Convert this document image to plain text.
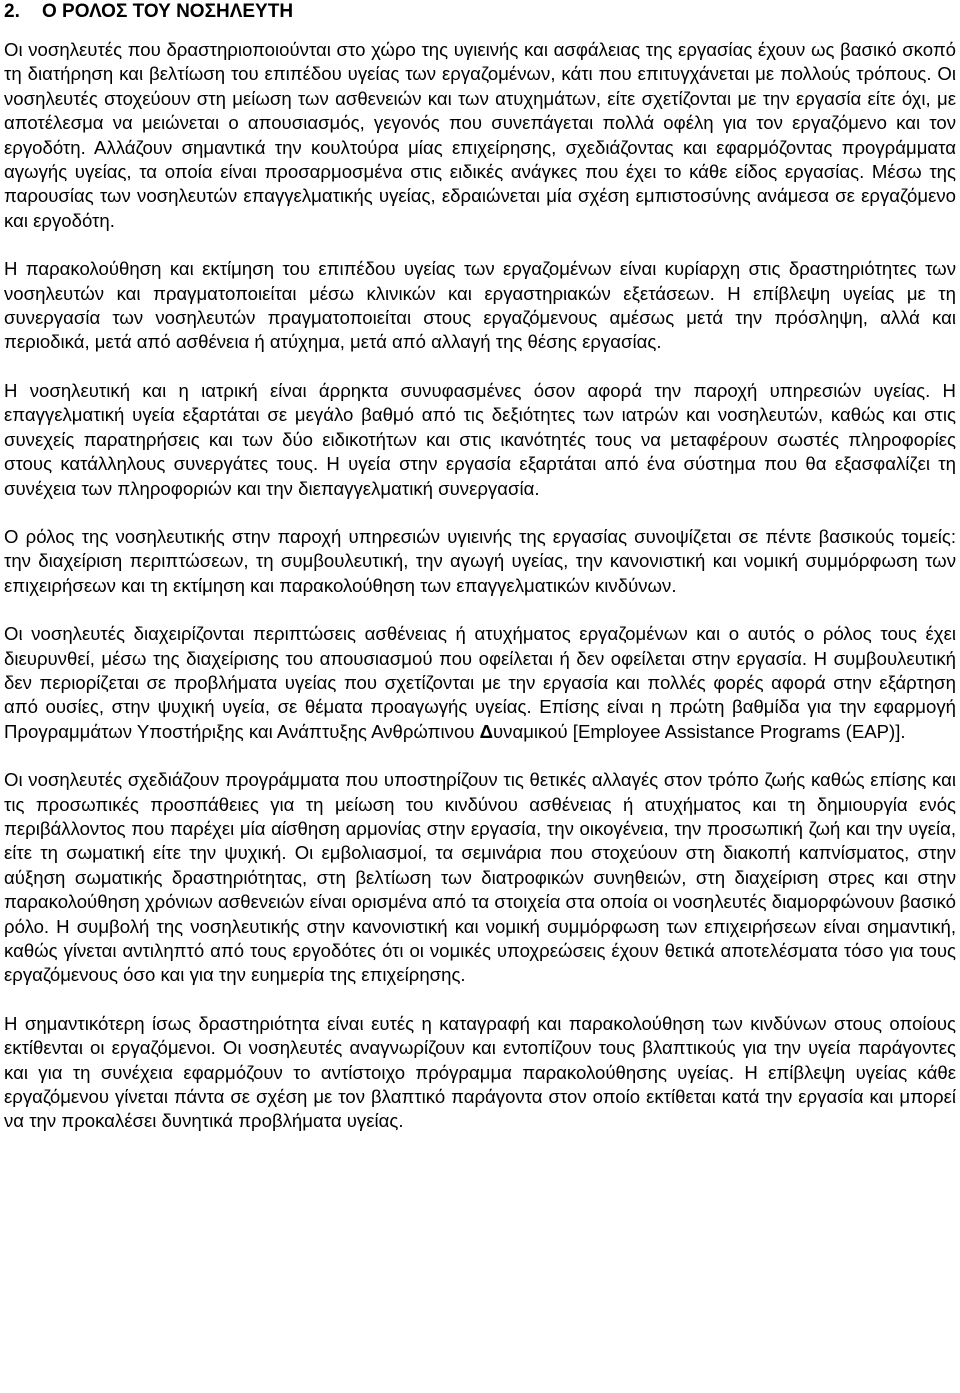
2. Ο ΡΟΛΟΣ ΤΟΥ ΝΟΣΗΛΕΥΤΗ

Οι νοσηλευτές που δραστηριοποιούνται στο χώρο της υγιεινής και ασφάλειας της εργασίας έχουν ως βασικό σκοπό τη διατήρηση και βελτίωση του επιπέδου υγείας των εργαζομένων, κάτι που επιτυγχάνεται με πολλούς τρόπους. Οι νοσηλευτές στοχεύουν στη μείωση των ασθενειών και των ατυχημάτων, είτε σχετίζονται με την εργασία είτε όχι, με αποτέλεσμα να μειώνεται ο απουσιασμός, γεγονός που συνεπάγεται πολλά οφέλη για τον εργαζόμενο και τον εργοδότη. Αλλάζουν σημαντικά την κουλτούρα μίας επιχείρησης, σχεδιάζοντας και εφαρμόζοντας προγράμματα αγωγής υγείας, τα οποία είναι προσαρμοσμένα στις ειδικές ανάγκες που έχει το κάθε είδος εργασίας. Μέσω της παρουσίας των νοσηλευτών επαγγελματικής υγείας, εδραιώνεται μία σχέση εμπιστοσύνης ανάμεσα σε εργαζόμενο και εργοδότη.

Η παρακολούθηση και εκτίμηση του επιπέδου υγείας των εργαζομένων είναι κυρίαρχη στις δραστηριότητες των νοσηλευτών και πραγματοποιείται μέσω κλινικών και εργαστηριακών εξετάσεων. Η επίβλεψη υγείας με τη συνεργασία των νοσηλευτών πραγματοποιείται στους εργαζόμενους αμέσως μετά την πρόσληψη, αλλά και περιοδικά, μετά από ασθένεια ή ατύχημα, μετά από αλλαγή της θέσης εργασίας.

Η νοσηλευτική και η ιατρική είναι άρρηκτα συνυφασμένες όσον αφορά την παροχή υπηρεσιών υγείας. Η επαγγελματική υγεία εξαρτάται σε μεγάλο βαθμό από τις δεξιότητες των ιατρών και νοσηλευτών, καθώς και στις συνεχείς παρατηρήσεις και των δύο ειδικοτήτων και στις ικανότητές τους να μεταφέρουν σωστές πληροφορίες στους κατάλληλους συνεργάτες τους. Η υγεία στην εργασία εξαρτάται από ένα σύστημα που θα εξασφαλίζει τη συνέχεια των πληροφοριών και την διεπαγγελματική συνεργασία.

Ο ρόλος της νοσηλευτικής στην παροχή υπηρεσιών υγιεινής της εργασίας συνοψίζεται σε πέντε βασικούς τομείς: την διαχείριση περιπτώσεων, τη συμβουλευτική, την αγωγή υγείας, την κανονιστική και νομική συμμόρφωση των επιχειρήσεων και τη εκτίμηση και παρακολούθηση των επαγγελματικών κινδύνων.

Οι νοσηλευτές διαχειρίζονται περιπτώσεις ασθένειας ή ατυχήματος εργαζομένων και ο αυτός ο ρόλος τους έχει διευρυνθεί, μέσω της διαχείρισης του απουσιασμού που οφείλεται ή δεν οφείλεται στην εργασία. Η συμβουλευτική δεν περιορίζεται σε προβλήματα υγείας που σχετίζονται με την εργασία και πολλές φορές αφορά στην εξάρτηση από ουσίες, στην ψυχική υγεία, σε θέματα προαγωγής υγείας. Επίσης είναι η πρώτη βαθμίδα για την εφαρμογή Προγραμμάτων Υποστήριξης και Ανάπτυξης Ανθρώπινου Δυναμικού [Employee Assistance Programs (EAP)].

Οι νοσηλευτές σχεδιάζουν προγράμματα που υποστηρίζουν τις θετικές αλλαγές στον τρόπο ζωής καθώς επίσης και τις προσωπικές προσπάθειες για τη μείωση του κινδύνου ασθένειας ή ατυχήματος και τη δημιουργία ενός περιβάλλοντος που παρέχει μία αίσθηση αρμονίας στην εργασία, την οικογένεια, την προσωπική ζωή και την υγεία, είτε τη σωματική είτε την ψυχική. Οι εμβολιασμοί, τα σεμινάρια που στοχεύουν στη διακοπή καπνίσματος, στην αύξηση σωματικής δραστηριότητας, στη βελτίωση των διατροφικών συνηθειών, στη διαχείριση στρες και στην παρακολούθηση χρόνιων ασθενειών είναι ορισμένα από τα στοιχεία στα οποία οι νοσηλευτές διαμορφώνουν βασικό ρόλο. Η συμβολή της νοσηλευτικής στην κανονιστική και νομική συμμόρφωση των επιχειρήσεων είναι σημαντική, καθώς γίνεται αντιληπτό από τους εργοδότες ότι οι νομικές υποχρεώσεις έχουν θετικά αποτελέσματα τόσο για τους εργαζόμενους όσο και για την ευημερία της επιχείρησης.

Η σημαντικότερη ίσως δραστηριότητα είναι ευτές η καταγραφή και παρακολούθηση των κινδύνων στους οποίους εκτίθενται οι εργαζόμενοι. Οι νοσηλευτές αναγνωρίζουν και εντοπίζουν τους βλαπτικούς για την υγεία παράγοντες και για τη συνέχεια εφαρμόζουν το αντίστοιχο πρόγραμμα παρακολούθησης υγείας. Η επίβλεψη υγείας κάθε εργαζόμενου γίνεται πάντα σε σχέση με τον βλαπτικό παράγοντα στον οποίο εκτίθεται κατά την εργασία και μπορεί να την προκαλέσει δυνητικά προβλήματα υγείας.
